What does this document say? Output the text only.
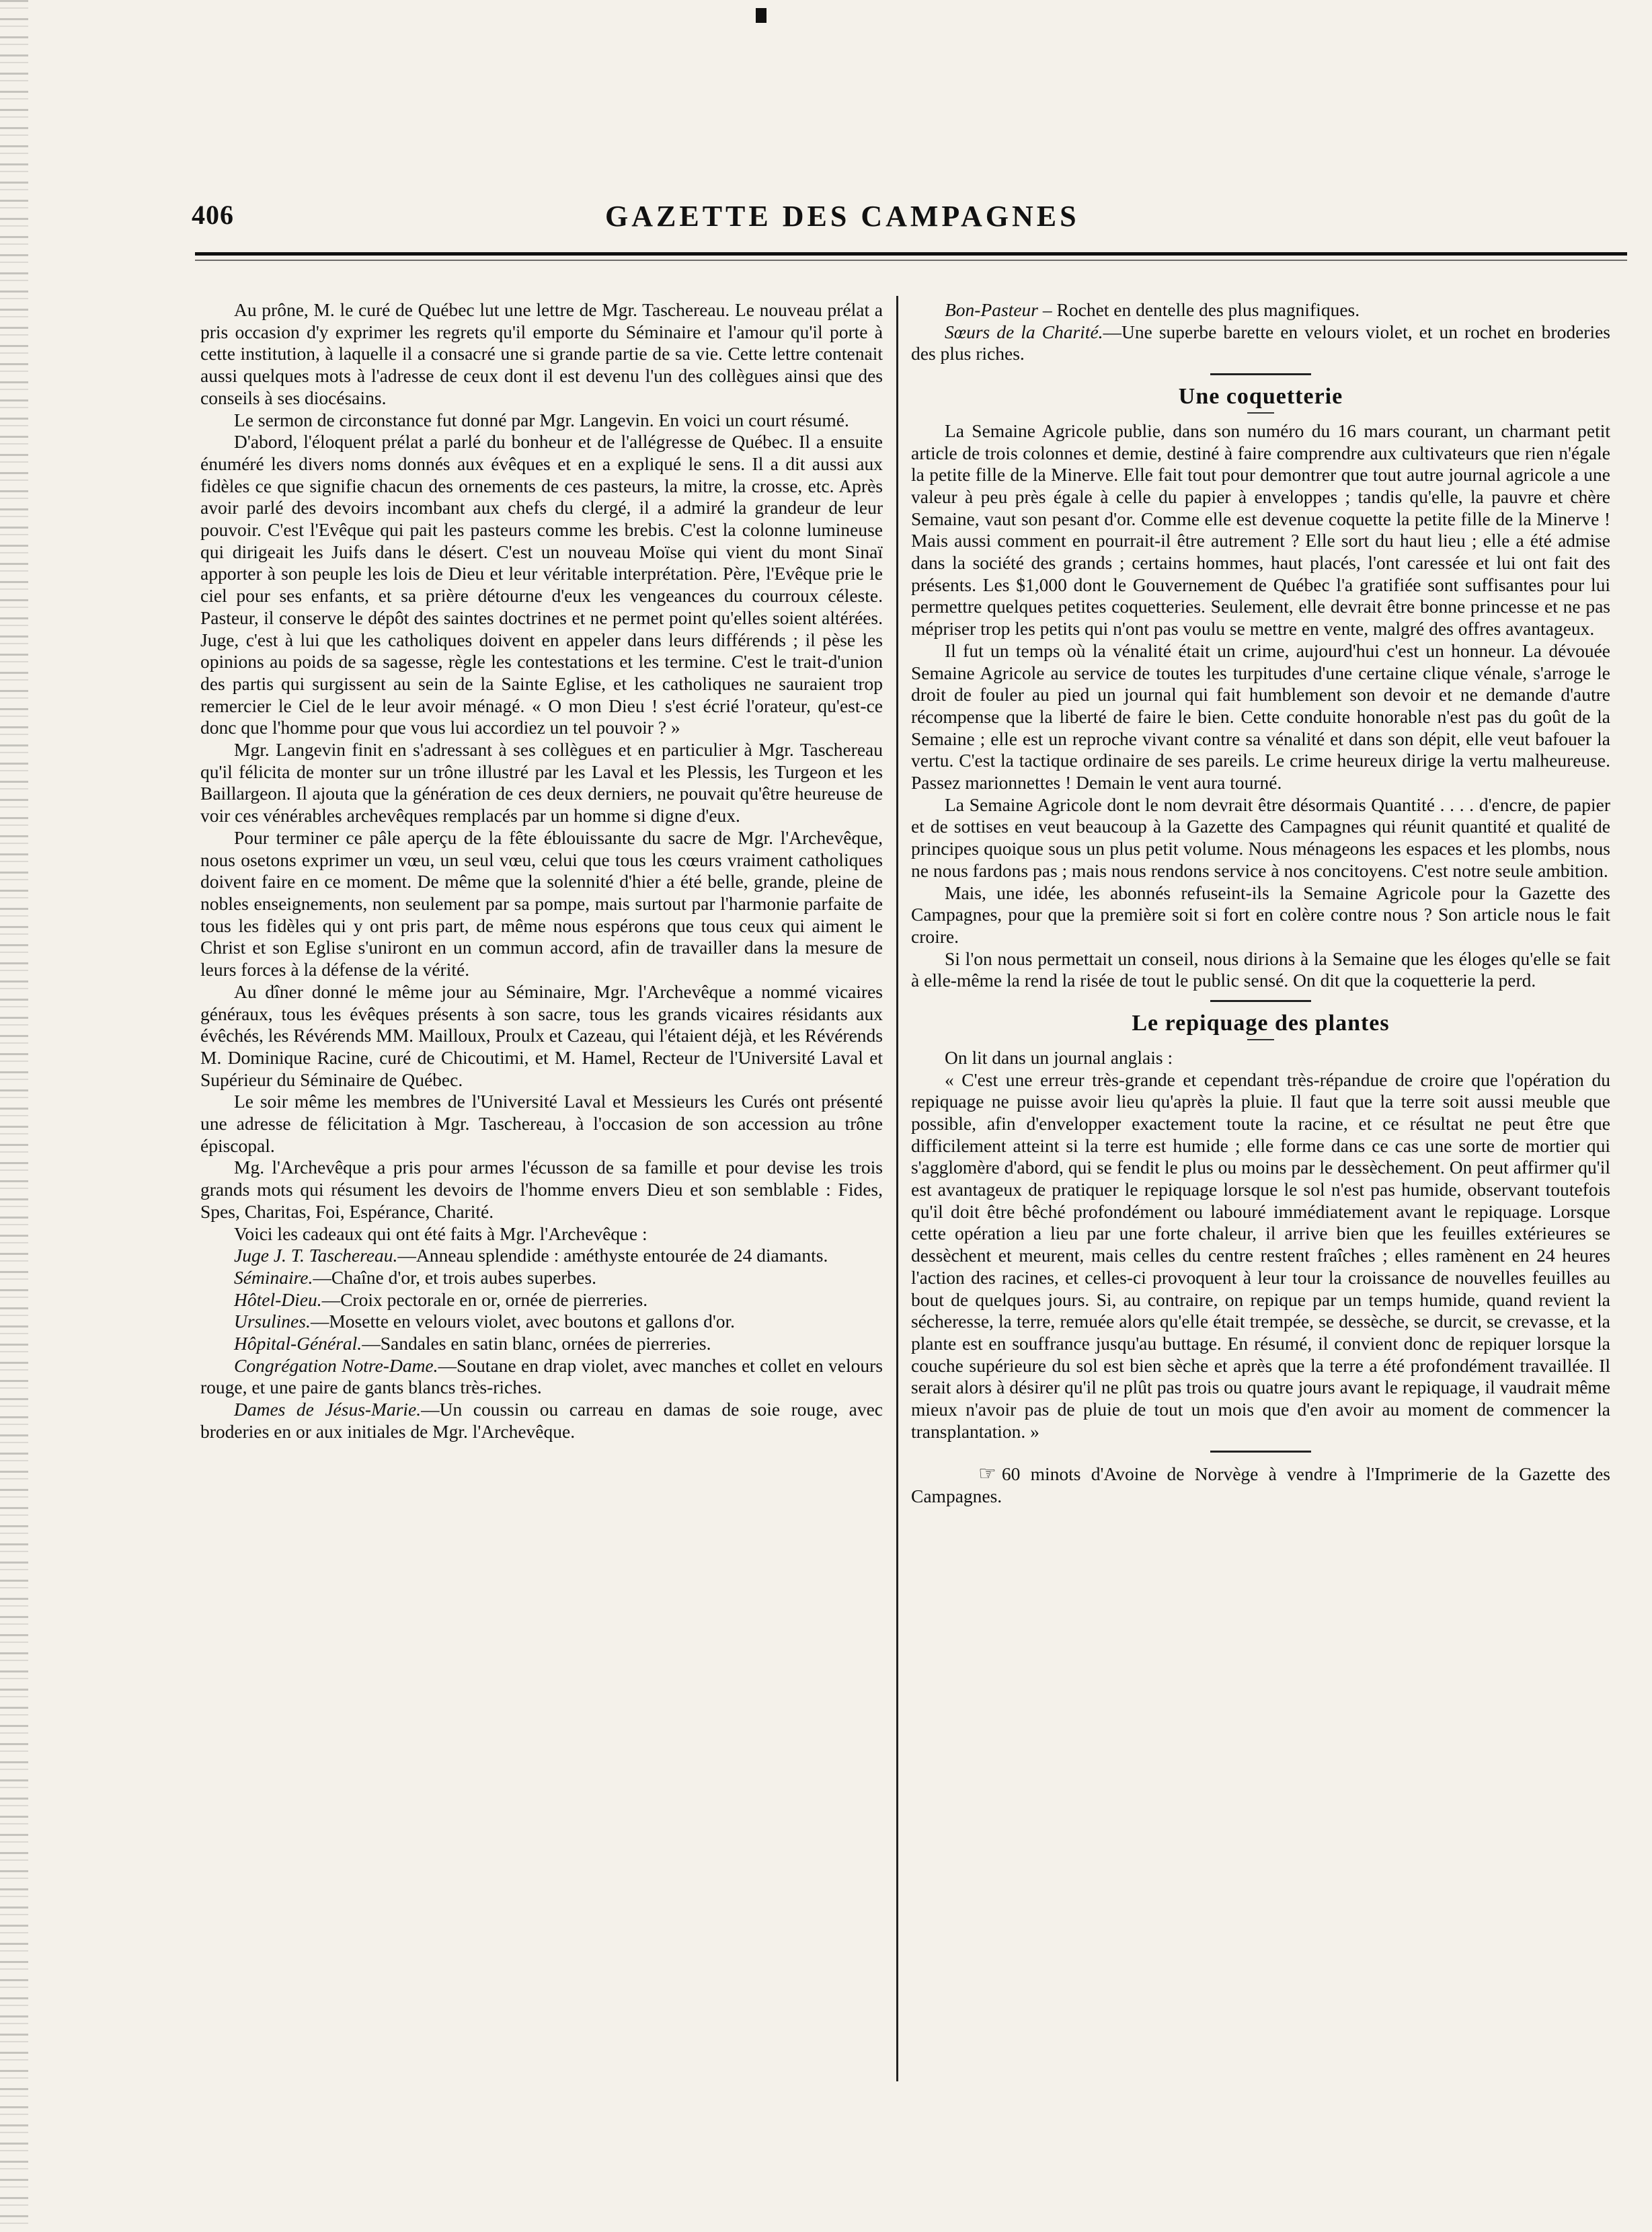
406	GAZETTE DES CAMPAGNES

Au prône, M. le curé de Québec lut une lettre de Mgr. Taschereau. Le nouveau prélat a pris occasion d'y exprimer les regrets qu'il emporte du Séminaire et l'amour qu'il porte à cette institution, à laquelle il a consacré une si grande partie de sa vie. Cette lettre contenait aussi quelques mots à l'adresse de ceux dont il est devenu l'un des collègues ainsi que des conseils à ses diocésains.

Le sermon de circonstance fut donné par Mgr. Langevin. En voici un court résumé.

D'abord, l'éloquent prélat a parlé du bonheur et de l'allégresse de Québec. Il a ensuite énuméré les divers noms donnés aux évêques et en a expliqué le sens. Il a dit aussi aux fidèles ce que signifie chacun des ornements de ces pasteurs, la mitre, la crosse, etc. Après avoir parlé des devoirs incombant aux chefs du clergé, il a admiré la grandeur de leur pouvoir. C'est l'Evêque qui pait les pasteurs comme les brebis. C'est la colonne lumineuse qui dirigeait les Juifs dans le désert. C'est un nouveau Moïse qui vient du mont Sinaï apporter à son peuple les lois de Dieu et leur véritable interprétation. Père, l'Evêque prie le ciel pour ses enfants, et sa prière détourne d'eux les vengeances du courroux céleste. Pasteur, il conserve le dépôt des saintes doctrines et ne permet point qu'elles soient altérées. Juge, c'est à lui que les catholiques doivent en appeler dans leurs différends ; il pèse les opinions au poids de sa sagesse, règle les contestations et les termine. C'est le trait-d'union des partis qui surgissent au sein de la Sainte Eglise, et les catholiques ne sauraient trop remercier le Ciel de le leur avoir ménagé. « O mon Dieu ! s'est écrié l'orateur, qu'est-ce donc que l'homme pour que vous lui accordiez un tel pouvoir ? »

Mgr. Langevin finit en s'adressant à ses collègues et en particulier à Mgr. Taschereau qu'il félicita de monter sur un trône illustré par les Laval et les Plessis, les Turgeon et les Baillargeon. Il ajouta que la génération de ces deux derniers, ne pouvait qu'être heureuse de voir ces vénérables archevêques remplacés par un homme si digne d'eux.

Pour terminer ce pâle aperçu de la fête éblouissante du sacre de Mgr. l'Archevêque, nous osetons exprimer un vœu, un seul vœu, celui que tous les cœurs vraiment catholiques doivent faire en ce moment. De même que la solennité d'hier a été belle, grande, pleine de nobles enseignements, non seulement par sa pompe, mais surtout par l'harmonie parfaite de tous les fidèles qui y ont pris part, de même nous espérons que tous ceux qui aiment le Christ et son Eglise s'uniront en un commun accord, afin de travailler dans la mesure de leurs forces à la défense de la vérité.

Au dîner donné le même jour au Séminaire, Mgr. l'Archevêque a nommé vicaires généraux, tous les évêques présents à son sacre, tous les grands vicaires résidants aux évêchés, les Révérends MM. Mailloux, Proulx et Cazeau, qui l'étaient déjà, et les Révérends M. Dominique Racine, curé de Chicoutimi, et M. Hamel, Recteur de l'Université Laval et Supérieur du Séminaire de Québec.

Le soir même les membres de l'Université Laval et Messieurs les Curés ont présenté une adresse de félicitation à Mgr. Taschereau, à l'occasion de son accession au trône épiscopal.

Mg. l'Archevêque a pris pour armes l'écusson de sa famille et pour devise les trois grands mots qui résument les devoirs de l'homme envers Dieu et son semblable : Fides, Spes, Charitas, Foi, Espérance, Charité.

Voici les cadeaux qui ont été faits à Mgr. l'Archevêque :

Juge J. T. Taschereau.—Anneau splendide : améthyste entourée de 24 diamants.

Séminaire.—Chaîne d'or, et trois aubes superbes.

Hôtel-Dieu.—Croix pectorale en or, ornée de pierreries.

Ursulines.—Mosette en velours violet, avec boutons et gallons d'or.

Hôpital-Général.—Sandales en satin blanc, ornées de pierreries.

Congrégation Notre-Dame.—Soutane en drap violet, avec manches et collet en velours rouge, et une paire de gants blancs très-riches.

Dames de Jésus-Marie.—Un coussin ou carreau en damas de soie rouge, avec broderies en or aux initiales de Mgr. l'Archevêque.

Bon-Pasteur – Rochet en dentelle des plus magnifiques.

Sœurs de la Charité.—Une superbe barette en velours violet, et un rochet en broderies des plus riches.

Une coquetterie

La Semaine Agricole publie, dans son numéro du 16 mars courant, un charmant petit article de trois colonnes et demie, destiné à faire comprendre aux cultivateurs que rien n'égale la petite fille de la Minerve. Elle fait tout pour demontrer que tout autre journal agricole a une valeur à peu près égale à celle du papier à enveloppes ; tandis qu'elle, la pauvre et chère Semaine, vaut son pesant d'or. Comme elle est devenue coquette la petite fille de la Minerve ! Mais aussi comment en pourrait-il être autrement ? Elle sort du haut lieu ; elle a été admise dans la société des grands ; certains hommes, haut placés, l'ont caressée et lui ont fait des présents. Les $1,000 dont le Gouvernement de Québec l'a gratifiée sont suffisantes pour lui permettre quelques petites coquetteries. Seulement, elle devrait être bonne princesse et ne pas mépriser trop les petits qui n'ont pas voulu se mettre en vente, malgré des offres avantageux.

Il fut un temps où la vénalité était un crime, aujourd'hui c'est un honneur. La dévouée Semaine Agricole au service de toutes les turpitudes d'une certaine clique vénale, s'arroge le droit de fouler au pied un journal qui fait humblement son devoir et ne demande d'autre récompense que la liberté de faire le bien. Cette conduite honorable n'est pas du goût de la Semaine ; elle est un reproche vivant contre sa vénalité et dans son dépit, elle veut bafouer la vertu. C'est la tactique ordinaire de ses pareils. Le crime heureux dirige la vertu malheureuse. Passez marionnettes ! Demain le vent aura tourné.

La Semaine Agricole dont le nom devrait être désormais Quantité . . . . d'encre, de papier et de sottises en veut beaucoup à la Gazette des Campagnes qui réunit quantité et qualité de principes quoique sous un plus petit volume. Nous ménageons les espaces et les plombs, nous ne nous fardons pas ; mais nous rendons service à nos concitoyens. C'est notre seule ambition.

Mais, une idée, les abonnés refuseint-ils la Semaine Agricole pour la Gazette des Campagnes, pour que la première soit si fort en colère contre nous ? Son article nous le fait croire.

Si l'on nous permettait un conseil, nous dirions à la Semaine que les éloges qu'elle se fait à elle-même la rend la risée de tout le public sensé. On dit que la coquetterie la perd.

Le repiquage des plantes

On lit dans un journal anglais :

« C'est une erreur très-grande et cependant très-répandue de croire que l'opération du repiquage ne puisse avoir lieu qu'après la pluie. Il faut que la terre soit aussi meuble que possible, afin d'envelopper exactement toute la racine, et ce résultat ne peut être que difficilement atteint si la terre est humide ; elle forme dans ce cas une sorte de mortier qui s'agglomère d'abord, qui se fendit le plus ou moins par le dessèchement. On peut affirmer qu'il est avantageux de pratiquer le repiquage lorsque le sol n'est pas humide, observant toutefois qu'il doit être bêché profondément ou labouré immédiatement avant le repiquage. Lorsque cette opération a lieu par une forte chaleur, il arrive bien que les feuilles extérieures se dessèchent et meurent, mais celles du centre restent fraîches ; elles ramènent en 24 heures l'action des racines, et celles-ci provoquent à leur tour la croissance de nouvelles feuilles au bout de quelques jours. Si, au contraire, on repique par un temps humide, quand revient la sécheresse, la terre, remuée alors qu'elle était trempée, se dessèche, se durcit, se crevasse, et la plante est en souffrance jusqu'au buttage. En résumé, il convient donc de repiquer lorsque la couche supérieure du sol est bien sèche et après que la terre a été profondément travaillée. Il serait alors à désirer qu'il ne plût pas trois ou quatre jours avant le repiquage, il vaudrait même mieux n'avoir pas de pluie de tout un mois que d'en avoir au moment de commencer la transplantation. »

☞ 60 minots d'Avoine de Norvège à vendre à l'Imprimerie de la Gazette des Campagnes.
